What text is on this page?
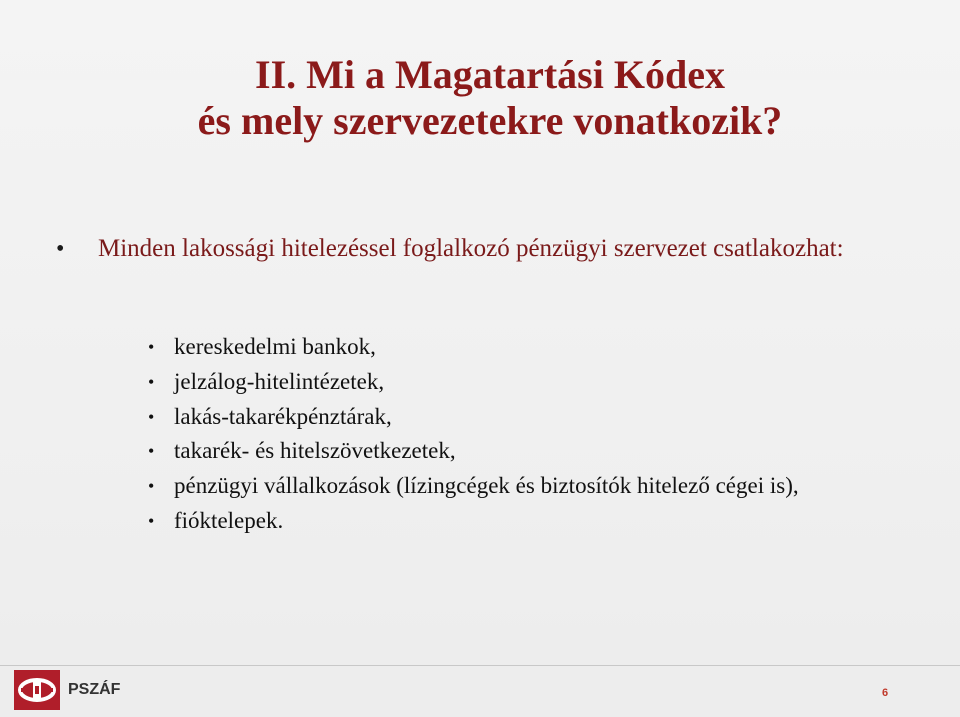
II. Mi a Magatartási Kódex
és mely szervezetekre vonatkozik?
•	Minden lakossági hitelezéssel foglalkozó pénzügyi szervezet csatlakozhat:
• kereskedelmi bankok,
• jelzálog-hitelintézetek,
• lakás-takarékpénztárak,
• takarék- és hitelszövetkezetek,
• pénzügyi vállalkozások (lízingcégek és biztosítók hitelező cégei is),
• fióktelepek.
PSZÁF	6
